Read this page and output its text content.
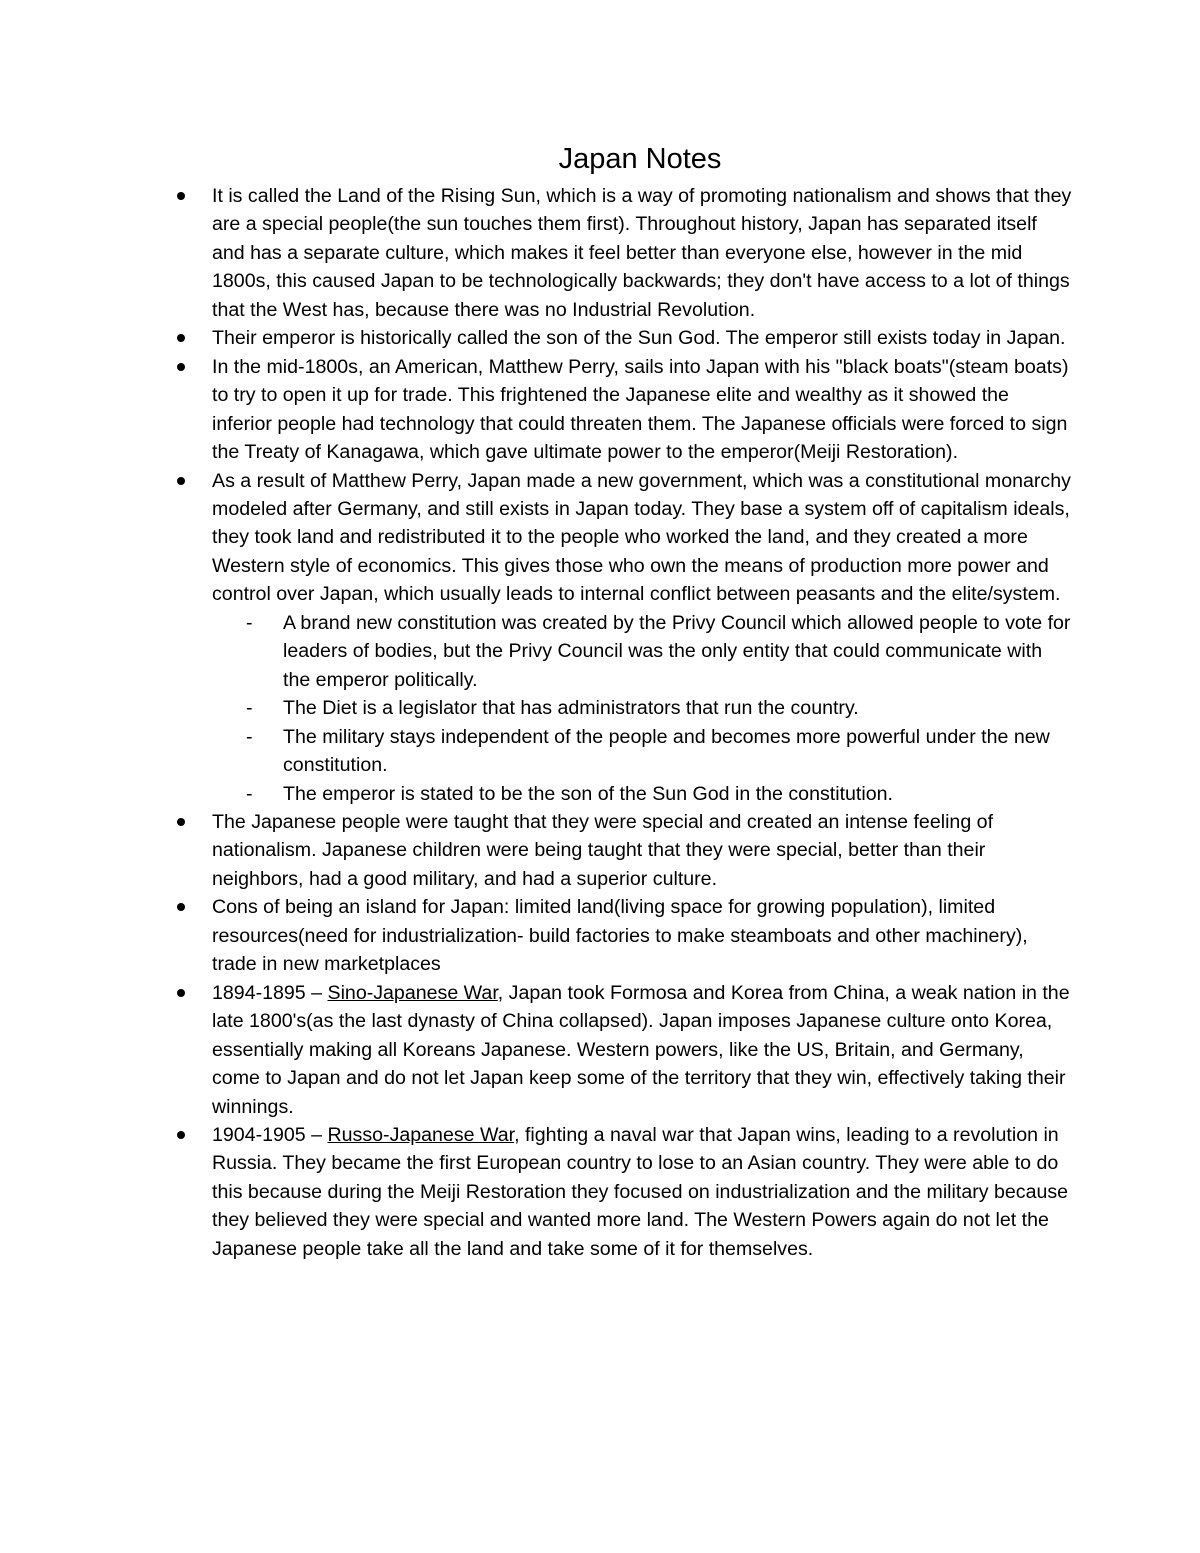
Japan Notes
It is called the Land of the Rising Sun, which is a way of promoting nationalism and shows that they are a special people(the sun touches them first). Throughout history, Japan has separated itself and has a separate culture, which makes it feel better than everyone else, however in the mid 1800s, this caused Japan to be technologically backwards; they don't have access to a lot of things that the West has, because there was no Industrial Revolution.
Their emperor is historically called the son of the Sun God. The emperor still exists today in Japan.
In the mid-1800s, an American, Matthew Perry, sails into Japan with his "black boats"(steam boats) to try to open it up for trade. This frightened the Japanese elite and wealthy as it showed the inferior people had technology that could threaten them. The Japanese officials were forced to sign the Treaty of Kanagawa, which gave ultimate power to the emperor(Meiji Restoration).
As a result of Matthew Perry, Japan made a new government, which was a constitutional monarchy modeled after Germany, and still exists in Japan today. They base a system off of capitalism ideals, they took land and redistributed it to the people who worked the land, and they created a more Western style of economics. This gives those who own the means of production more power and control over Japan, which usually leads to internal conflict between peasants and the elite/system.
- A brand new constitution was created by the Privy Council which allowed people to vote for leaders of bodies, but the Privy Council was the only entity that could communicate with the emperor politically.
- The Diet is a legislator that has administrators that run the country.
- The military stays independent of the people and becomes more powerful under the new constitution.
- The emperor is stated to be the son of the Sun God in the constitution.
The Japanese people were taught that they were special and created an intense feeling of nationalism. Japanese children were being taught that they were special, better than their neighbors, had a good military, and had a superior culture.
Cons of being an island for Japan: limited land(living space for growing population), limited resources(need for industrialization- build factories to make steamboats and other machinery), trade in new marketplaces
1894-1895 – Sino-Japanese War, Japan took Formosa and Korea from China, a weak nation in the late 1800's(as the last dynasty of China collapsed). Japan imposes Japanese culture onto Korea, essentially making all Koreans Japanese. Western powers, like the US, Britain, and Germany, come to Japan and do not let Japan keep some of the territory that they win, effectively taking their winnings.
1904-1905 – Russo-Japanese War, fighting a naval war that Japan wins, leading to a revolution in Russia. They became the first European country to lose to an Asian country. They were able to do this because during the Meiji Restoration they focused on industrialization and the military because they believed they were special and wanted more land. The Western Powers again do not let the Japanese people take all the land and take some of it for themselves.
